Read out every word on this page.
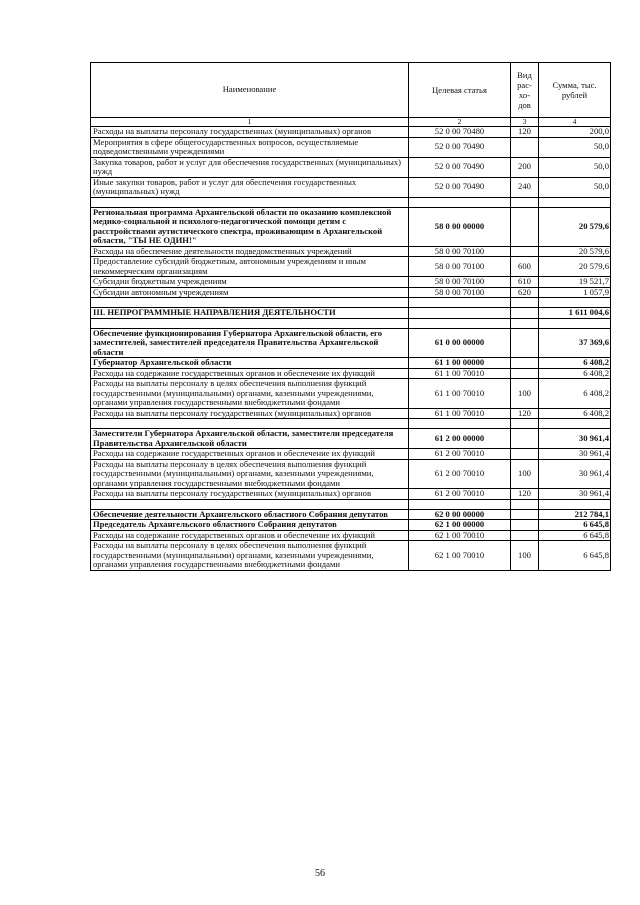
Наименование	Целевая статья	Вид рас-хо-дов	Сумма, тыс. рублей
1	2	3	4
Расходы на выплаты персоналу государственных (муниципальных) органов	52 0 00 70480	120	200,0
Мероприятия в сфере общегосударственных вопросов, осуществляемые подведомственными учреждениями	52 0 00 70490		50,0
Закупка товаров, работ и услуг для обеспечения государственных (муниципальных) нужд	52 0 00 70490	200	50,0
Иные закупки товаров, работ и услуг для обеспечения государственных (муниципальных) нужд	52 0 00 70490	240	50,0

Региональная программа Архангельской области по оказанию комплексной медико-социальной и психолого-педагогической помощи детям с расстройствами аутистического спектра, проживающим в Архангельской области, "ТЫ НЕ ОДИН!"	58 0 00 00000		20 579,6
Расходы на обеспечение деятельности подведомственных учреждений	58 0 00 70100		20 579,6
Предоставление субсидий бюджетным, автономным учреждениям и иным некоммерческим организациям	58 0 00 70100	600	20 579,6
Субсидии бюджетным учреждениям	58 0 00 70100	610	19 521,7
Субсидии автономным учреждениям	58 0 00 70100	620	1 057,9

III. НЕПРОГРАММНЫЕ НАПРАВЛЕНИЯ ДЕЯТЕЛЬНОСТИ			1 611 004,6

Обеспечение функционирования Губернатора Архангельской области, его заместителей, заместителей председателя Правительства Архангельской области	61 0 00 00000		37 369,6
Губернатор Архангельской области	61 1 00 00000		6 408,2
Расходы на содержание государственных органов и обеспечение их функций	61 1 00 70010		6 408,2
Расходы на выплаты персоналу в целях обеспечения выполнения функций государственными (муниципальными) органами, казенными учреждениями, органами управления государственными внебюджетными фондами	61 1 00 70010	100	6 408,2
Расходы на выплаты персоналу государственных (муниципальных) органов	61 1 00 70010	120	6 408,2

Заместители Губернатора Архангельской области, заместители председателя Правительства Архангельской области	61 2 00 00000		30 961,4
Расходы на содержание государственных органов и обеспечение их функций	61 2 00 70010		30 961,4
Расходы на выплаты персоналу в целях обеспечения выполнения функций государственными (муниципальными) органами, казенными учреждениями, органами управления государственными внебюджетными фондами	61 2 00 70010	100	30 961,4
Расходы на выплаты персоналу государственных (муниципальных) органов	61 2 00 70010	120	30 961,4

Обеспечение деятельности Архангельского областного Собрания депутатов	62 0 00 00000		212 784,1
Председатель Архангельского областного Собрания депутатов	62 1 00 00000		6 645,8
Расходы на содержание государственных органов и обеспечение их функций	62 1 00 70010		6 645,8
Расходы на выплаты персоналу в целях обеспечения выполнения функций государственными (муниципальными) органами, казенными учреждениями, органами управления государственными внебюджетными фондами	62 1 00 70010	100	6 645,8
56
